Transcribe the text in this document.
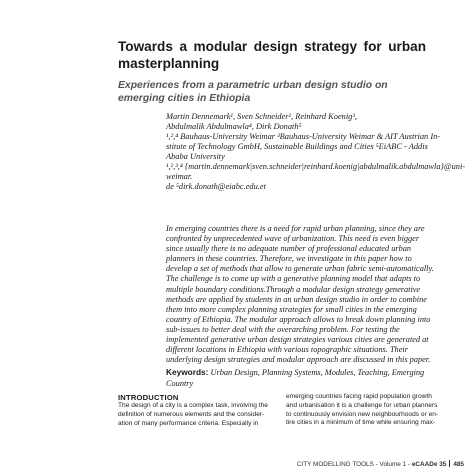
Towards a modular design strategy for urban masterplanning
Experiences from a parametric urban design studio on emerging cities in Ethiopia
Martin Dennemark¹, Sven Schneider², Reinhard Koenig³,
Abdulmalik Abdulmawla⁴, Dirk Donath⁵
¹,²,⁴ Bauhaus-University Weimar ³Bauhaus-University Weimar & AIT Austrian In-
stitute of Technology GmbH, Sustainable Buildings and Cities ⁵EiABC - Addis
Ababa University
¹,²,³,⁴ {martin.dennemark|sven.schneider|reinhard.koenig|abdulmalik.abdulmawla}@uni-
weimar.
de ⁵dirk.donath@eiabc.edu.et
In emerging countries there is a need for rapid urban planning, since they are
confronted by unprecedented wave of urbanization. This need is even bigger
since usually there is no adequate number of professional educated urban
planners in these countries. Therefore, we investigate in this paper how to
develop a set of methods that allow to generate urban fabric semi-automatically.
The challenge is to come up with a generative planning model that adapts to
multiple boundary conditions.Through a modular design strategy generative
methods are applied by students in an urban design studio in order to combine
them into more complex planning strategies for small cities in the emerging
country of Ethiopia. The modular approach allows to break down planning into
sub-issues to better deal with the overarching problem. For testing the
implemented generative urban design strategies various cities are generated at
different locations in Ethiopia with various topographic situations. Their
underlying design strategies and modular approach are discussed in this paper.
Keywords: Urban Design, Planning Systems, Modules, Teaching, Emerging Country
INTRODUCTION
The design of a city is a complex task, involving the
definition of numerous elements and the consider-
ation of many performance criteria. Especially in
emerging countries facing rapid population growth
and urbanisation it is a challenge for urban planners
to continuously envision new neighbourhoods or en-
tire cities in a minimum of time while ensuring max-
CITY MODELLING TOOLS - Volume 1 - eCAADe 35 485
